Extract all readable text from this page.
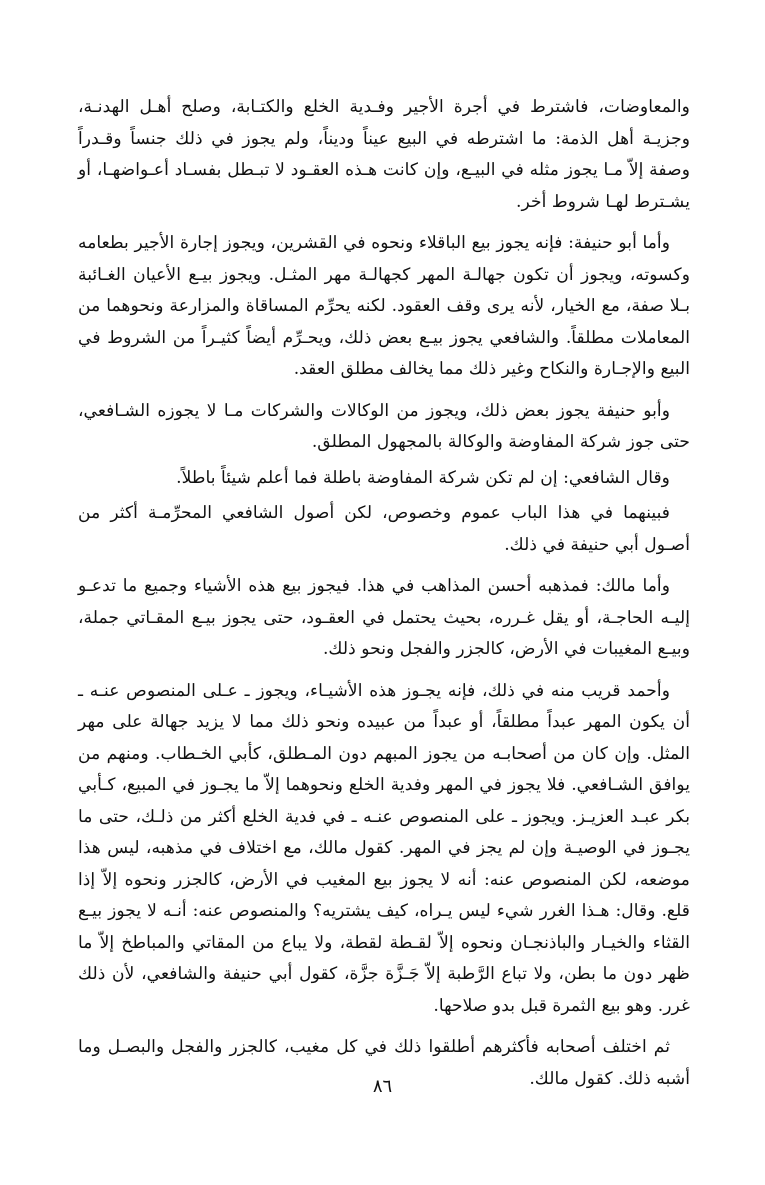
والمعاوضات، فاشترط في أجرة الأجير وفـدية الخلع والكتـابة، وصلح أهـل الهدنـة، وجزيـة أهل الذمة: ما اشترطه في البيع عيناً وديناً، ولم يجوز في ذلك جنساً وقـدراً وصفة إلاّ مـا يجوز مثله في البيـع، وإن كانت هـذه العقـود لا تبـطل بفسـاد أعـواضهـا، أو يشـترط لهـا شروط أخر.

وأما أبو حنيفة: فإنه يجوز بيع الباقلاء ونحوه في القشرين، ويجوز إجارة الأجير بطعامه وكسوته، ويجوز أن تكون جهالـة المهر كجهالـة مهر المثـل. ويجوز بيـع الأعيان الغـائبة بـلا صفة، مع الخيار، لأنه يرى وقف العقود. لكنه يحرِّم المساقاة والمزارعة ونحوهما من المعاملات مطلقاً. والشافعي يجوز بيـع بعض ذلك، ويحـرِّم أيضاً كثيـراً من الشروط في البيع والإجـارة والنكاح وغير ذلك مما يخالف مطلق العقد.

وأبو حنيفة يجوز بعض ذلك، ويجوز من الوكالات والشركات مـا لا يجوزه الشـافعي، حتى جوز شركة المفاوضة والوكالة بالمجهول المطلق.

وقال الشافعي: إن لم تكن شركة المفاوضة باطلة فما أعلم شيئاً باطلاً.

فبينهما في هذا الباب عموم وخصوص، لكن أصول الشافعي المحرِّمـة أكثر من أصـول أبي حنيفة في ذلك.

وأما مالك: فمذهبه أحسن المذاهب في هذا. فيجوز بيع هذه الأشياء وجميع ما تدعـو إليـه الحاجـة، أو يقل غـرره، بحيث يحتمل في العقـود، حتى يجوز بيـع المقـاتي جملة، وبيـع المغيبات في الأرض، كالجزر والفجل ونحو ذلك.

وأحمد قريب منه في ذلك، فإنه يجـوز هذه الأشيـاء، ويجوز ـ عـلى المنصوص عنـه ـ أن يكون المهر عبداً مطلقاً، أو عبداً من عبيده ونحو ذلك مما لا يزيد جهالة على مهر المثل. وإن كان من أصحابـه من يجوز المبهم دون المـطلق، كأبي الخـطاب. ومنهم من يوافق الشـافعي. فلا يجوز في المهر وفدية الخلع ونحوهما إلاّ ما يجـوز في المبيع، كـأبي بكر عبـد العزيـز. ويجوز ـ على المنصوص عنـه ـ في فدية الخلع أكثر من ذلـك، حتى ما يجـوز في الوصيـة وإن لم يجز في المهر. كقول مالك، مع اختلاف في مذهبه، ليس هذا موضعه، لكن المنصوص عنه: أنه لا يجوز بيع المغيب في الأرض، كالجزر ونحوه إلاّ إذا قلع. وقال: هـذا الغرر شيء ليس يـراه، كيف يشتريه؟ والمنصوص عنه: أنـه لا يجوز بيـع القثاء والخيـار والباذنجـان ونحوه إلاّ لقـطة لقطة، ولا يباع من المقاتي والمباطخ إلاّ ما ظهر دون ما بطن، ولا تباع الرَّطبة إلاّ جَـزَّة جزَّة، كقول أبي حنيفة والشافعي، لأن ذلك غرر. وهو بيع الثمرة قبل بدو صلاحها.

ثم اختلف أصحابه فأكثرهم أطلقوا ذلك في كل مغيب، كالجزر والفجل والبصـل وما أشبه ذلك. كقول مالك.

٨٦
